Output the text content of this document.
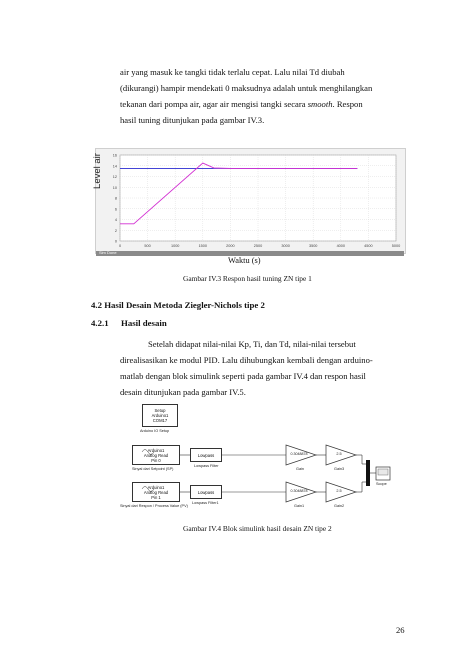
air yang masuk ke tangki tidak terlalu cepat. Lalu nilai Td diubah
(dikurangi) hampir mendekati 0 maksudnya adalah untuk menghilangkan
tekanan dari pompa air, agar air mengisi tangki secara smooth. Respon
hasil tuning ditunjukan pada gambar IV.3.
0
2
4
6
8
10
12
14
16
0	500	1000	1500	2000	2500	3000	3500	4000	4500	5000
Level air
Sim Done
Waktu (s)
Gambar IV.3 Respon hasil tuning ZN tipe 1
4.2 Hasil Desain Metoda Ziegler-Nichols tipe 2
4.2.1 Hasil desain
Setelah didapat nilai-nilai Kp, Ti, dan Td, nilai-nilai tersebut
direalisasikan ke modul PID. Lalu dihubungkan kembali dengan arduino-
matlab dengan blok simulink seperti pada gambar IV.4 dan respon hasil
desain ditunjukan pada gambar IV.5.
Setup
Arduino1
COM17
Arduino IO Setup
Arduino1
Analog Read
Pin 0
Sinyal dari Setpoint (SP)
Lowpass
Lowpass Filter
0.3048878
Gain
2.5
Gain3
Arduino1
Analog Read
Pin 1
Sinyal dari Respon / Process Value (PV)
Lowpass
Lowpass Filter1
0.3048878
Gain1
2.5
Gain2
Scope
Gambar IV.4 Blok simulink hasil desain ZN tipe 2
26
